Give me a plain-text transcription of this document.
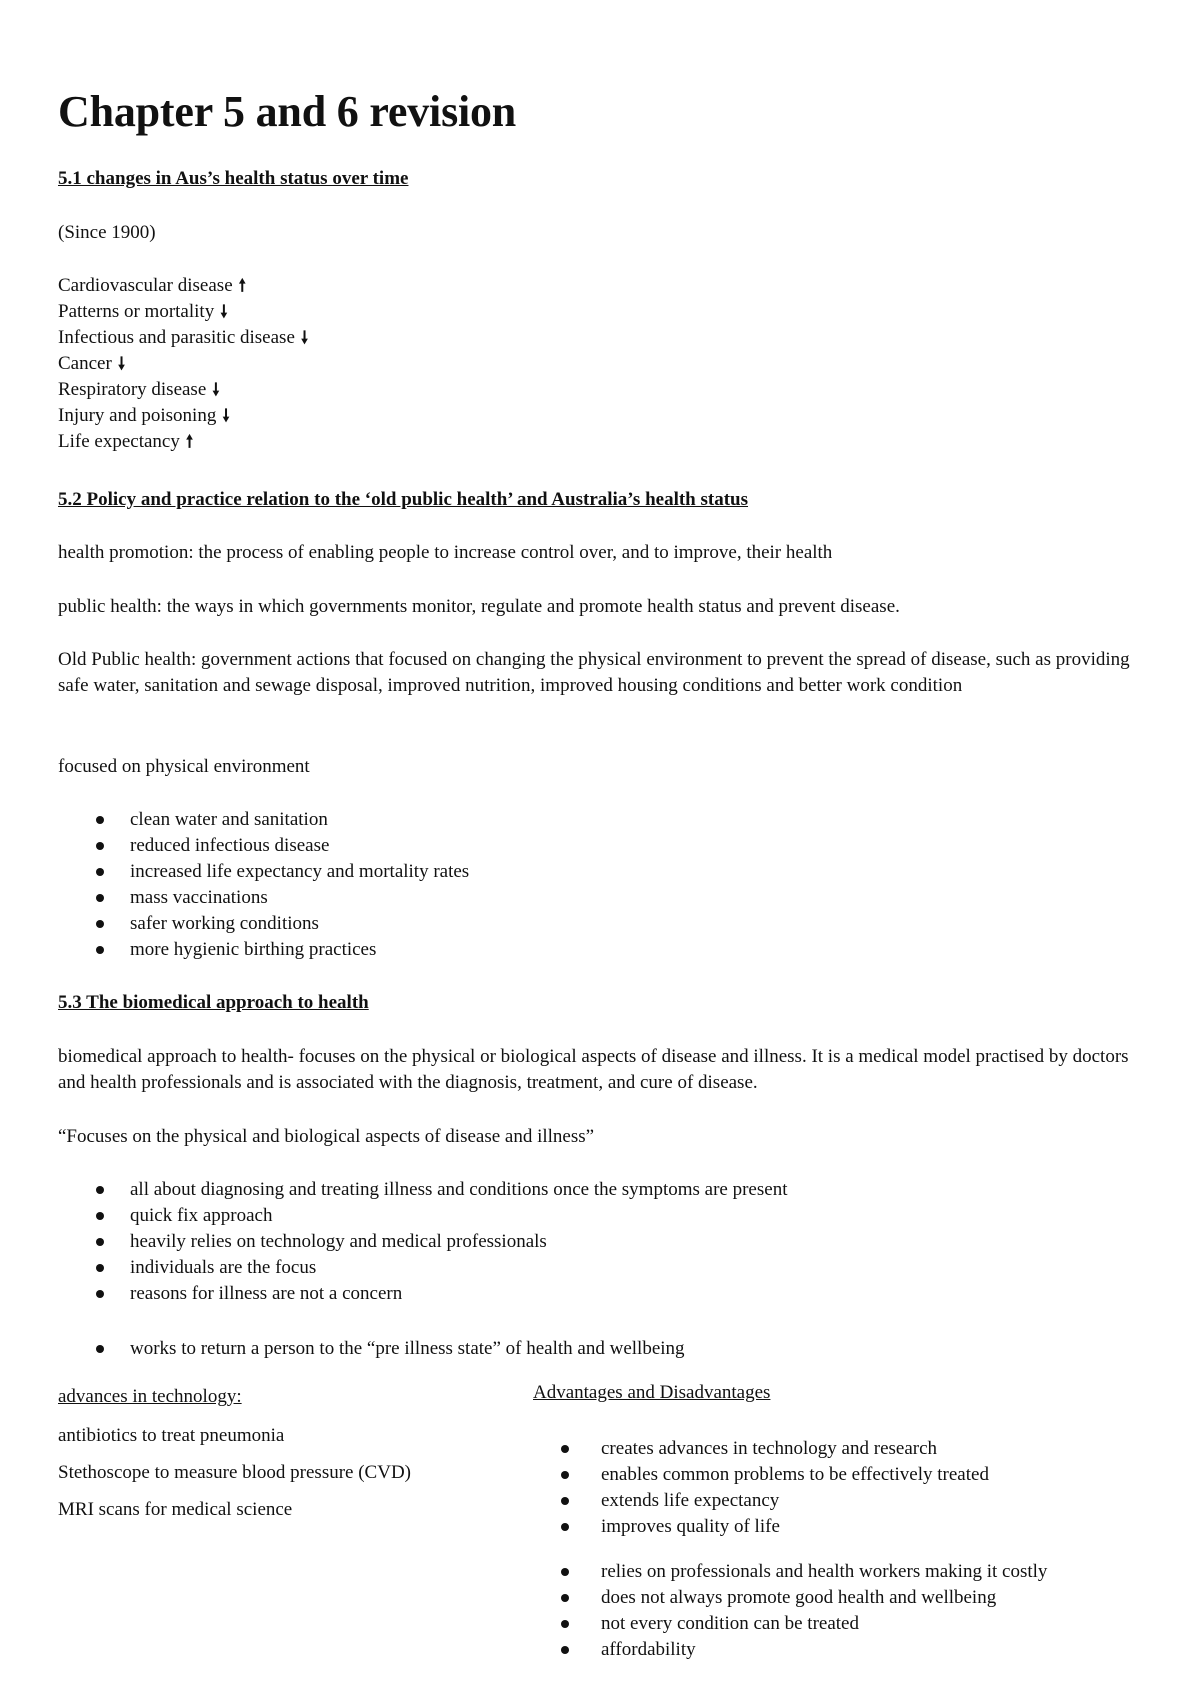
Chapter 5 and 6 revision

5.1 changes in Aus’s health status over time

(Since 1900)

Cardiovascular disease 🠕
Patterns or mortality 🠗
Infectious and parasitic disease 🠗
Cancer 🠗
Respiratory disease 🠗
Injury and poisoning 🠗
Life expectancy 🠕

5.2 Policy and practice relation to the ‘old public health’ and Australia’s health status

health promotion: the process of enabling people to increase control over, and to improve, their health

public health: the ways in which governments monitor, regulate and promote health status and prevent disease.

Old Public health: government actions that focused on changing the physical environment to prevent the spread of disease, such as providing safe water, sanitation and sewage disposal, improved nutrition, improved housing conditions and better work condition

focused on physical environment

clean water and sanitation
reduced infectious disease
increased life expectancy and mortality rates
mass vaccinations
safer working conditions
more hygienic birthing practices

5.3 The biomedical approach to health

biomedical approach to health- focuses on the physical or biological aspects of disease and illness. It is a medical model practised by doctors and health professionals and is associated with the diagnosis, treatment, and cure of disease.

“Focuses on the physical and biological aspects of disease and illness”

all about diagnosing and treating illness and conditions once the symptoms are present
quick fix approach
heavily relies on technology and medical professionals
individuals are the focus
reasons for illness are not a concern
works to return a person to the “pre illness state” of health and wellbeing

advances in technology:

antibiotics to treat pneumonia

Stethoscope to measure blood pressure (CVD)

MRI scans for medical science

Advantages and Disadvantages

creates advances in technology and research
enables common problems to be effectively treated
extends life expectancy
improves quality of life
relies on professionals and health workers making it costly
does not always promote good health and wellbeing
not every condition can be treated
affordability
